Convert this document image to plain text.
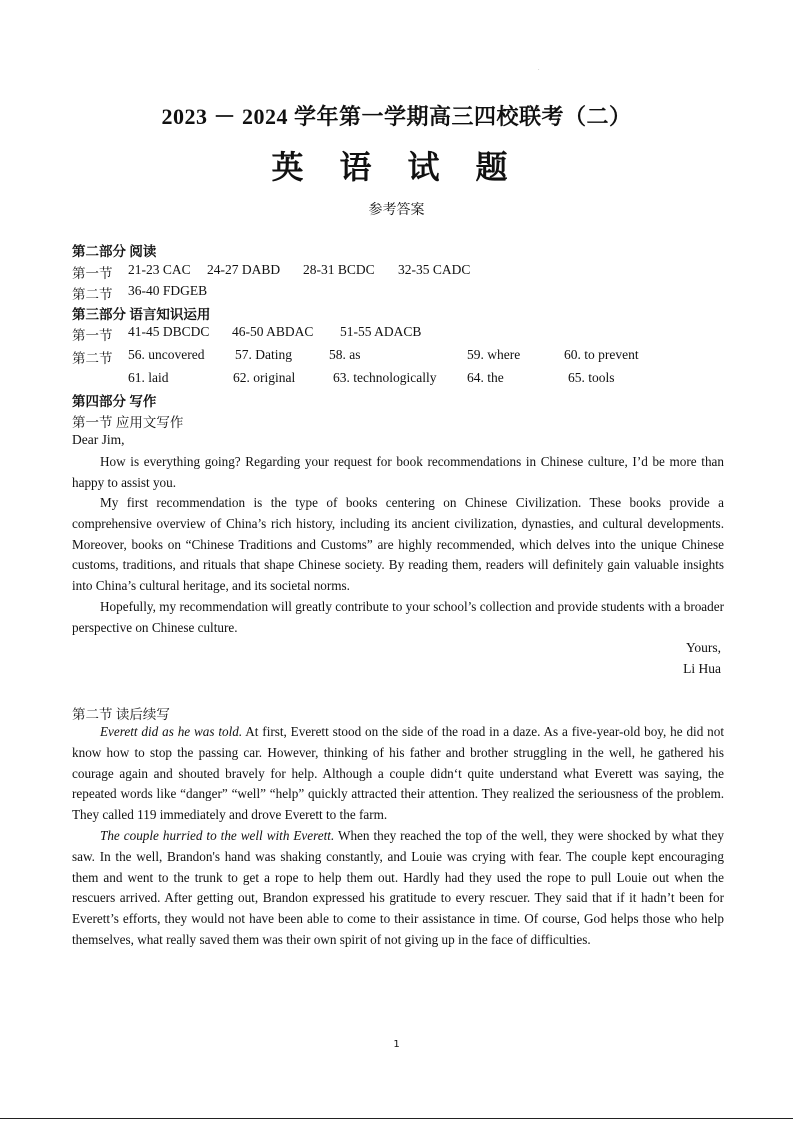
.
2023 － 2024 学年第一学期高三四校联考（二）
英 语 试 题
参考答案
第二部分 阅读
第一节 21-23 CAC 24-27 DABD 28-31 BCDC 32-35 CADC
第二节 36-40 FDGEB
第三部分 语言知识运用
第一节 41-45 DBCDC 46-50 ABDAC 51-55 ADACB
第二节 56. uncovered 57. Dating	58. as	59. where	60. to prevent
61. laid	62. original	63. technologically 64. the	65. tools
第四部分 写作
第一节 应用文写作
Dear Jim,
How is everything going? Regarding your request for book recommendations in Chinese culture, I’d be more than happy to assist you.
My first recommendation is the type of books centering on Chinese Civilization. These books provide a comprehensive overview of China’s rich history, including its ancient civilization, dynasties, and cultural developments. Moreover, books on “Chinese Traditions and Customs” are highly recommended, which delves into the unique Chinese customs, traditions, and rituals that shape Chinese society. By reading them, readers will definitely gain valuable insights into China’s cultural heritage, and its societal norms.
Hopefully, my recommendation will greatly contribute to your school’s collection and provide students with a broader perspective on Chinese culture.
Yours,
Li Hua
第二节 读后续写
Everett did as he was told. At first, Everett stood on the side of the road in a daze. As a five-year-old boy, he did not know how to stop the passing car. However, thinking of his father and brother struggling in the well, he gathered his courage again and shouted bravely for help. Although a couple didn‘t quite understand what Everett was saying, the repeated words like “danger” “well” “help” quickly attracted their attention. They realized the seriousness of the problem. They called 119 immediately and drove Everett to the farm.
The couple hurried to the well with Everett. When they reached the top of the well, they were shocked by what they saw. In the well, Brandon's hand was shaking constantly, and Louie was crying with fear. The couple kept encouraging them and went to the trunk to get a rope to help them out. Hardly had they used the rope to pull Louie out when the rescuers arrived. After getting out, Brandon expressed his gratitude to every rescuer. They said that if it hadn’t been for Everett’s efforts, they would not have been able to come to their assistance in time. Of course, God helps those who help themselves, what really saved them was their own spirit of not giving up in the face of difficulties.
1
